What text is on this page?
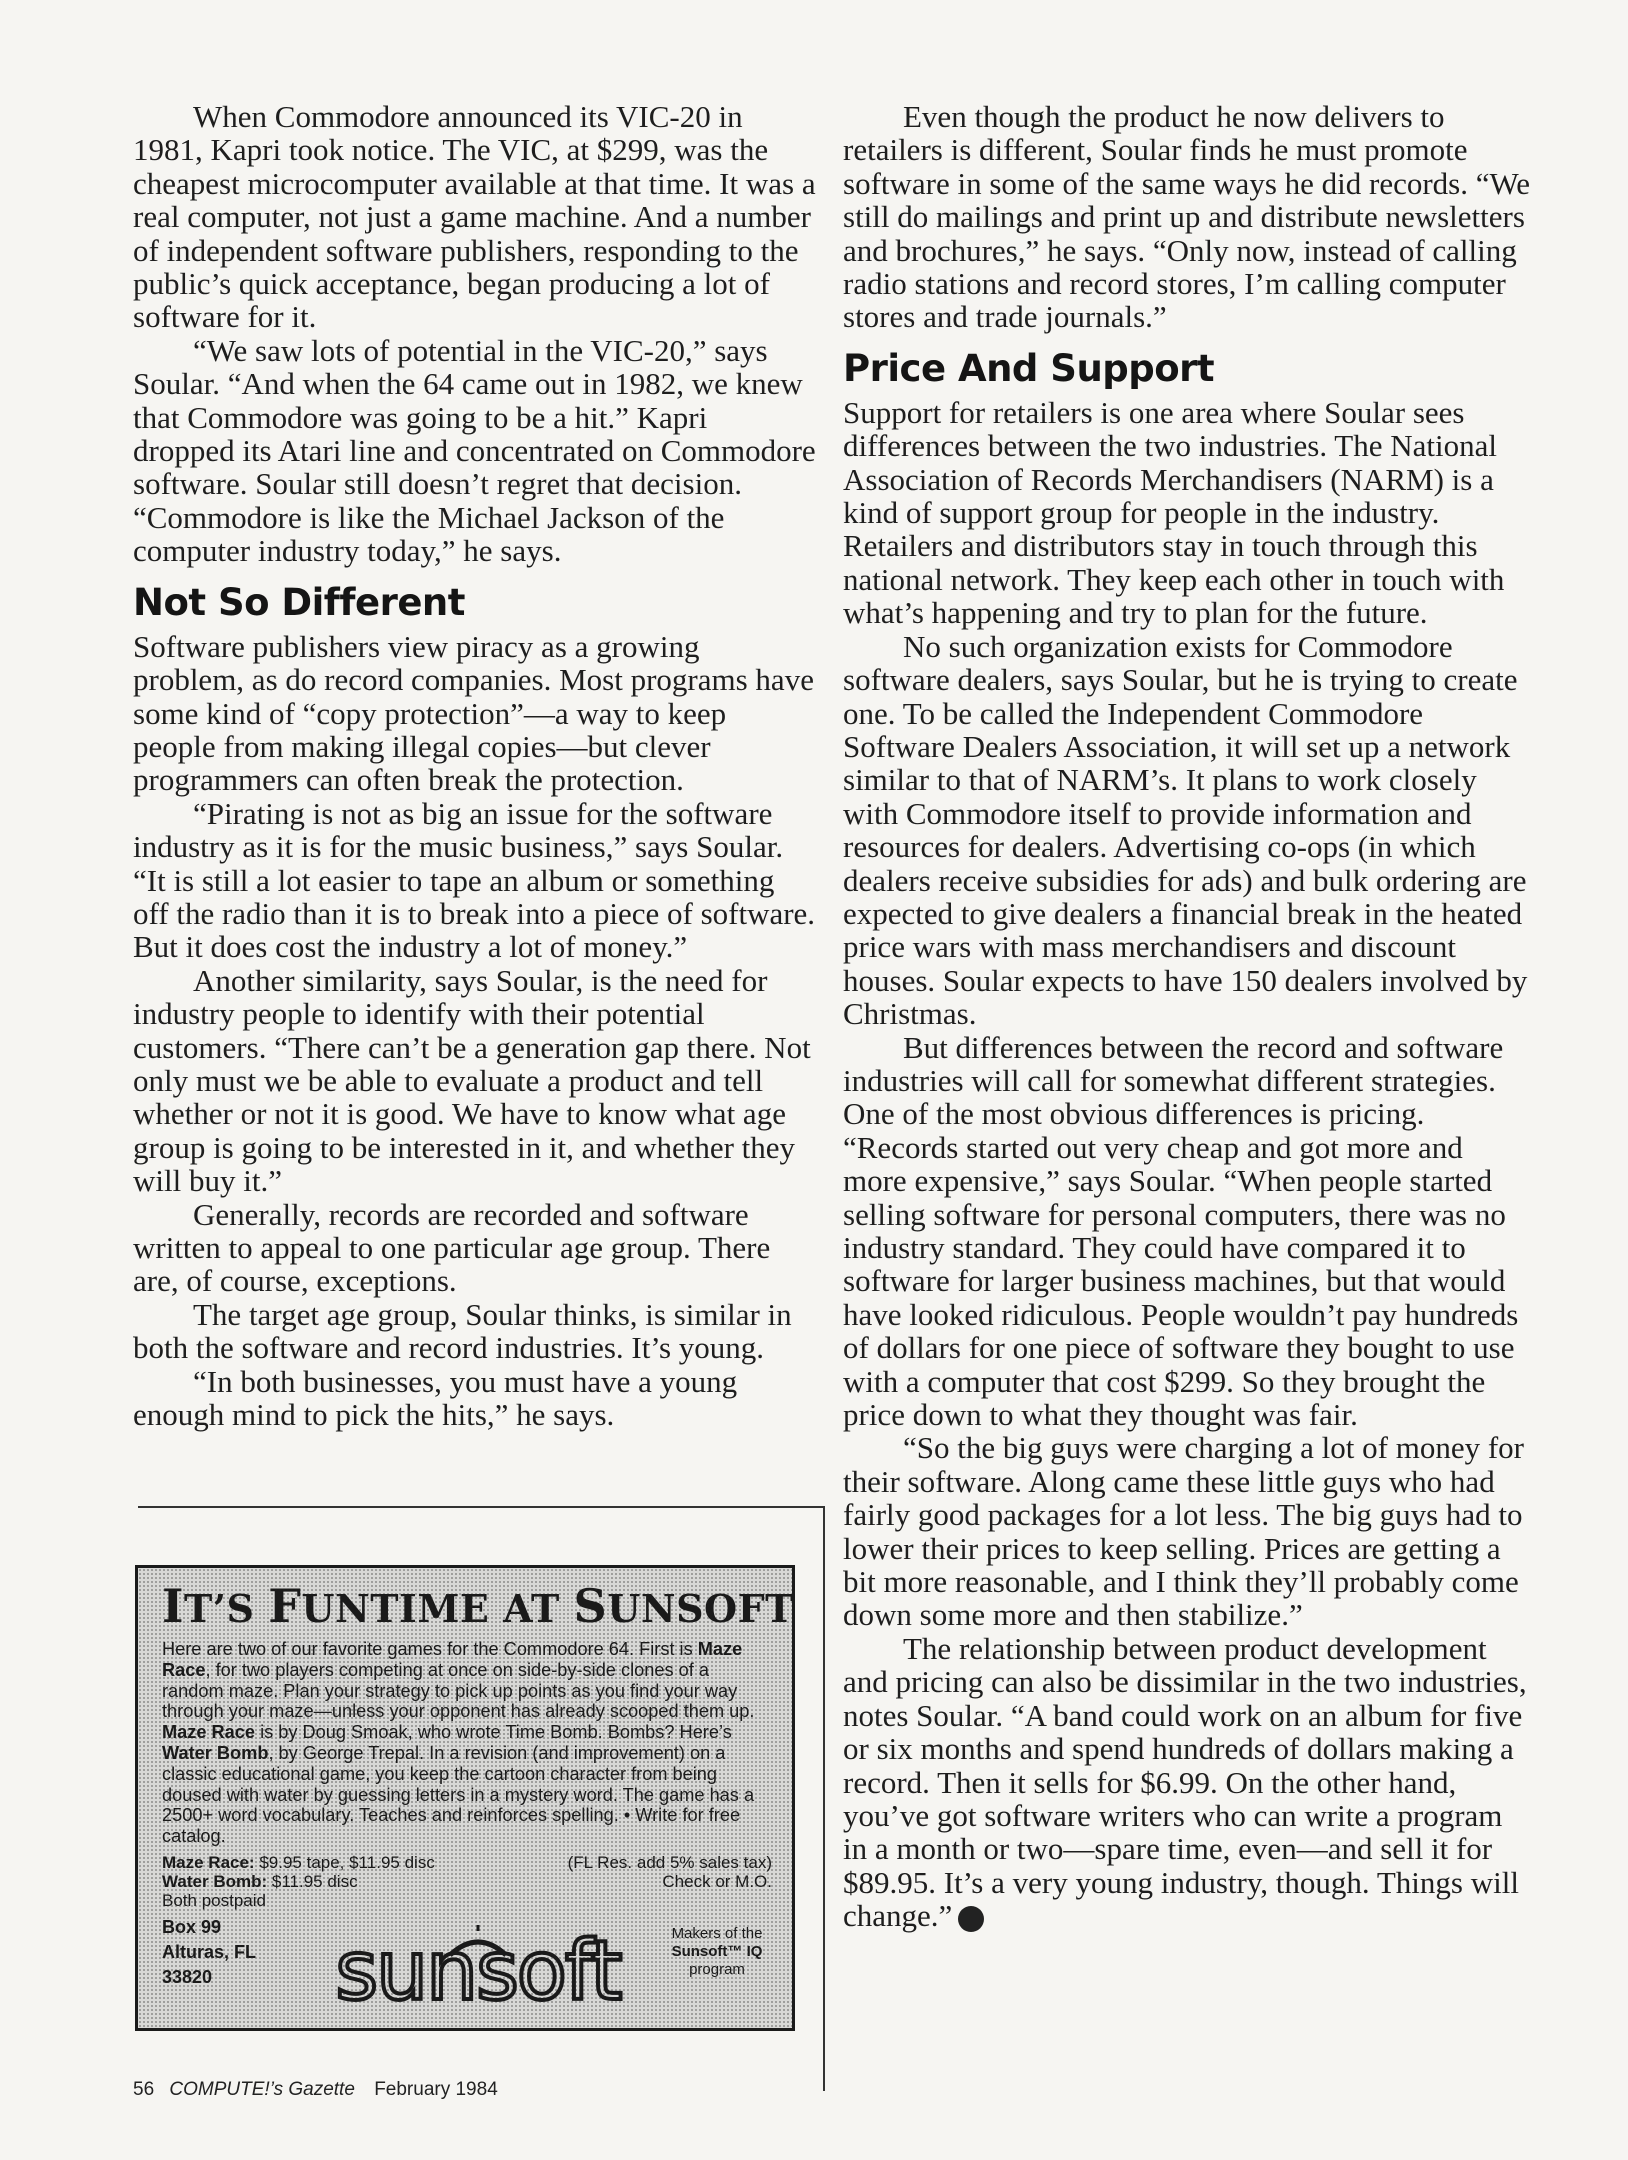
When Commodore announced its VIC-20 in 1981, Kapri took notice. The VIC, at $299, was the cheapest microcomputer available at that time. It was a real computer, not just a game machine. And a number of independent software publishers, responding to the public’s quick acceptance, began producing a lot of software for it.

“We saw lots of potential in the VIC-20,” says Soular. “And when the 64 came out in 1982, we knew that Commodore was going to be a hit.” Kapri dropped its Atari line and concentrated on Commodore software. Soular still doesn’t regret that decision. “Commodore is like the Michael Jackson of the computer industry today,” he says.

Not So Different

Software publishers view piracy as a growing problem, as do record companies. Most programs have some kind of “copy protection”—a way to keep people from making illegal copies—but clever programmers can often break the protection.

“Pirating is not as big an issue for the software industry as it is for the music business,” says Soular. “It is still a lot easier to tape an album or something off the radio than it is to break into a piece of software. But it does cost the industry a lot of money.”

Another similarity, says Soular, is the need for industry people to identify with their potential customers. “There can’t be a generation gap there. Not only must we be able to evaluate a product and tell whether or not it is good. We have to know what age group is going to be interested in it, and whether they will buy it.”

Generally, records are recorded and software written to appeal to one particular age group. There are, of course, exceptions.

The target age group, Soular thinks, is similar in both the software and record industries. It’s young.

“In both businesses, you must have a young enough mind to pick the hits,” he says.

Even though the product he now delivers to retailers is different, Soular finds he must promote software in some of the same ways he did records. “We still do mailings and print up and distribute newsletters and brochures,” he says. “Only now, instead of calling radio stations and record stores, I’m calling computer stores and trade journals.”

Price And Support

Support for retailers is one area where Soular sees differences between the two industries. The National Association of Records Merchandisers (NARM) is a kind of support group for people in the industry. Retailers and distributors stay in touch through this national network. They keep each other in touch with what’s happening and try to plan for the future.

No such organization exists for Commodore software dealers, says Soular, but he is trying to create one. To be called the Independent Commodore Software Dealers Association, it will set up a network similar to that of NARM’s. It plans to work closely with Commodore itself to provide information and resources for dealers. Advertising co-ops (in which dealers receive subsidies for ads) and bulk ordering are expected to give dealers a financial break in the heated price wars with mass merchandisers and discount houses. Soular expects to have 150 dealers involved by Christmas.

But differences between the record and software industries will call for somewhat different strategies. One of the most obvious differences is pricing. “Records started out very cheap and got more and more expensive,” says Soular. “When people started selling software for personal computers, there was no industry standard. They could have compared it to software for larger business machines, but that would have looked ridiculous. People wouldn’t pay hundreds of dollars for one piece of software they bought to use with a computer that cost $299. So they brought the price down to what they thought was fair.

“So the big guys were charging a lot of money for their software. Along came these little guys who had fairly good packages for a lot less. The big guys had to lower their prices to keep selling. Prices are getting a bit more reasonable, and I think they’ll probably come down some more and then stabilize.”

The relationship between product development and pricing can also be dissimilar in the two industries, notes Soular. “A band could work on an album for five or six months and spend hundreds of dollars making a record. Then it sells for $6.99. On the other hand, you’ve got software writers who can write a program in a month or two—spare time, even—and sell it for $89.95. It’s a very young industry, though. Things will change.”	G

IT’S FUNTIME AT SUNSOFT

Here are two of our favorite games for the Commodore 64. First is Maze Race, for two players competing at once on side-by-side clones of a random maze. Plan your strategy to pick up points as you find your way through your maze—unless your opponent has already scooped them up. Maze Race is by Doug Smoak, who wrote Time Bomb. Bombs? Here’s Water Bomb, by George Trepal. In a revision (and improvement) on a classic educational game, you keep the cartoon character from being doused with water by guessing letters in a mystery word. The game has a 2500+ word vocabulary. Teaches and reinforces spelling. • Write for free catalog.

Maze Race: $9.95 tape, $11.95 disc
Water Bomb: $11.95 disc
Both postpaid
(FL Res. add 5% sales tax)
Check or M.O.
Box 99
Alturas, FL
33820	sunsoft	Makers of the
Sunsoft™ IQ
program
56 COMPUTE!’s Gazette February 1984
